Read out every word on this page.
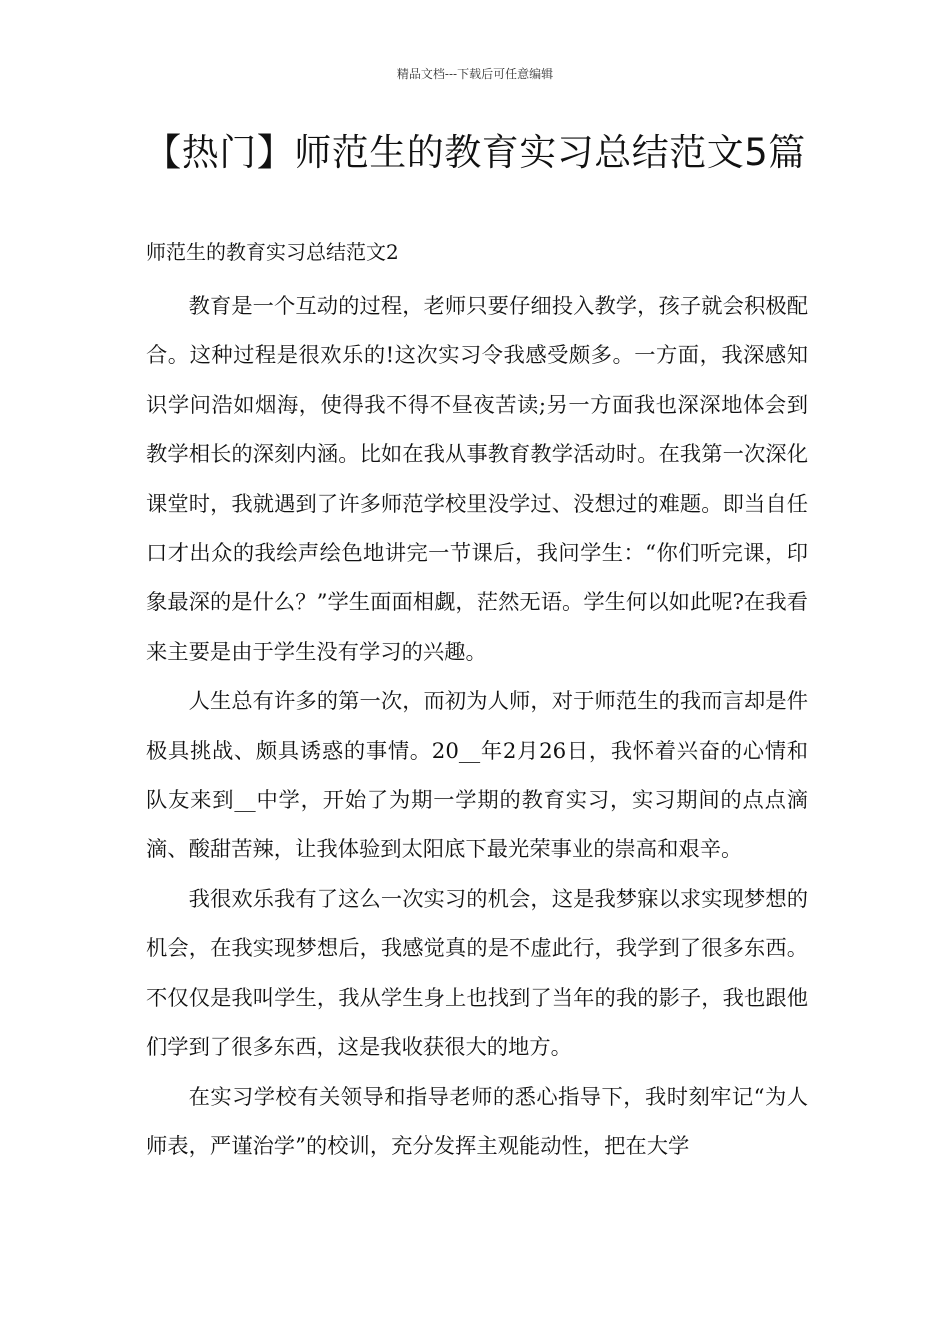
精品文档---下载后可任意编辑
【热门】师范生的教育实习总结范文5篇
师范生的教育实习总结范文2

教育是一个互动的过程，老师只要仔细投入教学，孩子就会积极配合。这种过程是很欢乐的!这次实习令我感受颇多。一方面，我深感知识学问浩如烟海，使得我不得不昼夜苦读;另一方面我也深深地体会到教学相长的深刻内涵。比如在我从事教育教学活动时。在我第一次深化课堂时，我就遇到了许多师范学校里没学过、没想过的难题。即当自任口才出众的我绘声绘色地讲完一节课后，我问学生：“你们听完课，印象最深的是什么？”学生面面相觑，茫然无语。学生何以如此呢?在我看来主要是由于学生没有学习的兴趣。

人生总有许多的第一次，而初为人师，对于师范生的我而言却是件极具挑战、颇具诱惑的事情。20__年2月26日，我怀着兴奋的心情和队友来到__中学，开始了为期一学期的教育实习，实习期间的点点滴滴、酸甜苦辣，让我体验到太阳底下最光荣事业的崇高和艰辛。

我很欢乐我有了这么一次实习的机会，这是我梦寐以求实现梦想的机会，在我实现梦想后，我感觉真的是不虚此行，我学到了很多东西。不仅仅是我叫学生，我从学生身上也找到了当年的我的影子，我也跟他们学到了很多东西，这是我收获很大的地方。

在实习学校有关领导和指导老师的悉心指导下，我时刻牢记“为人师表，严谨治学”的校训，充分发挥主观能动性，把在大学
